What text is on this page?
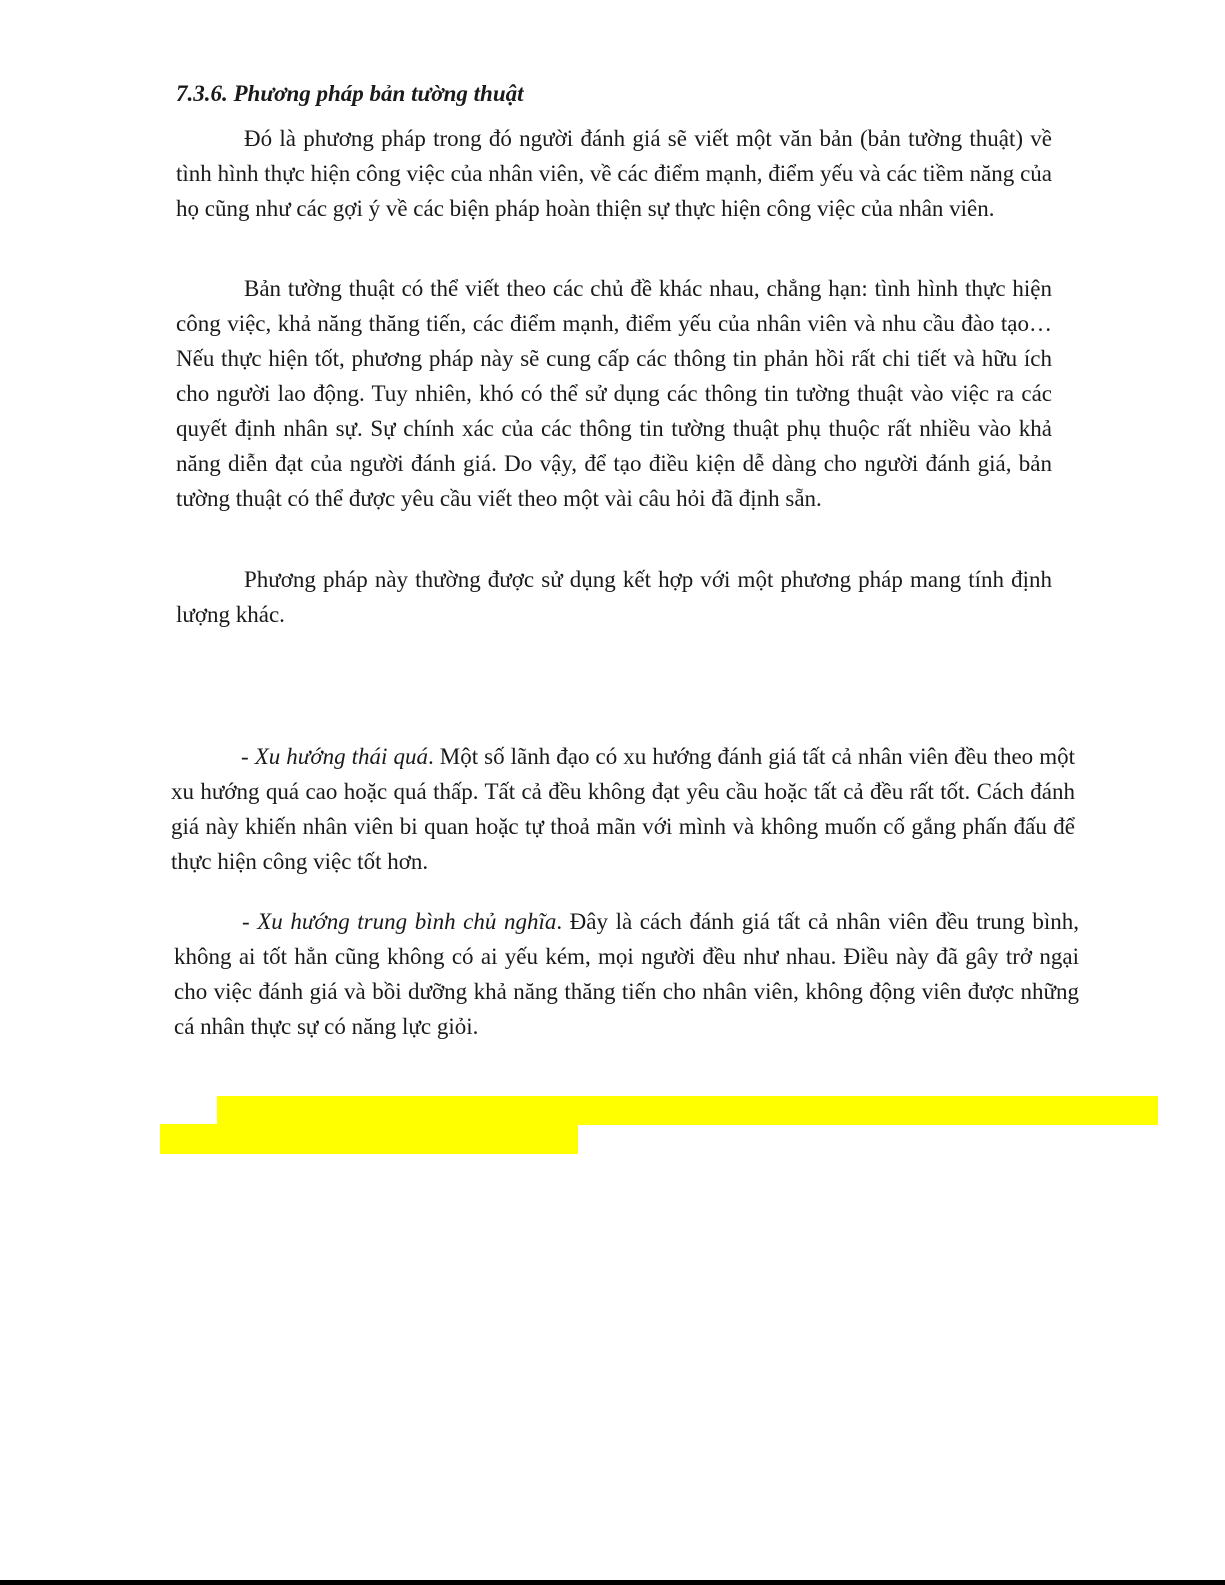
7.3.6. Phương pháp bản tường thuật

Đó là phương pháp trong đó người đánh giá sẽ viết một văn bản (bản tường thuật) về tình hình thực hiện công việc của nhân viên, về các điểm mạnh, điểm yếu và các tiềm năng của họ cũng như các gợi ý về các biện pháp hoàn thiện sự thực hiện công việc của nhân viên.

Bản tường thuật có thể viết theo các chủ đề khác nhau, chẳng hạn: tình hình thực hiện công việc, khả năng thăng tiến, các điểm mạnh, điểm yếu của nhân viên và nhu cầu đào tạo…Nếu thực hiện tốt, phương pháp này sẽ cung cấp các thông tin phản hồi rất chi tiết và hữu ích cho người lao động. Tuy nhiên, khó có thể sử dụng các thông tin tường thuật vào việc ra các quyết định nhân sự. Sự chính xác của các thông tin tường thuật phụ thuộc rất nhiều vào khả năng diễn đạt của người đánh giá. Do vậy, để tạo điều kiện dễ dàng cho người đánh giá, bản tường thuật có thể được yêu cầu viết theo một vài câu hỏi đã định sẵn.

Phương pháp này thường được sử dụng kết hợp với một phương pháp mang tính định lượng khác.

- Xu hướng thái quá. Một số lãnh đạo có xu hướng đánh giá tất cả nhân viên đều theo một xu hướng quá cao hoặc quá thấp. Tất cả đều không đạt yêu cầu hoặc tất cả đều rất tốt. Cách đánh giá này khiến nhân viên bi quan hoặc tự thoả mãn với mình và không muốn cố gắng phấn đấu để thực hiện công việc tốt hơn.

- Xu hướng trung bình chủ nghĩa. Đây là cách đánh giá tất cả nhân viên đều trung bình, không ai tốt hẳn cũng không có ai yếu kém, mọi người đều như nhau. Điều này đã gây trở ngại cho việc đánh giá và bồi dưỡng khả năng thăng tiến cho nhân viên, không động viên được những cá nhân thực sự có năng lực giỏi.
